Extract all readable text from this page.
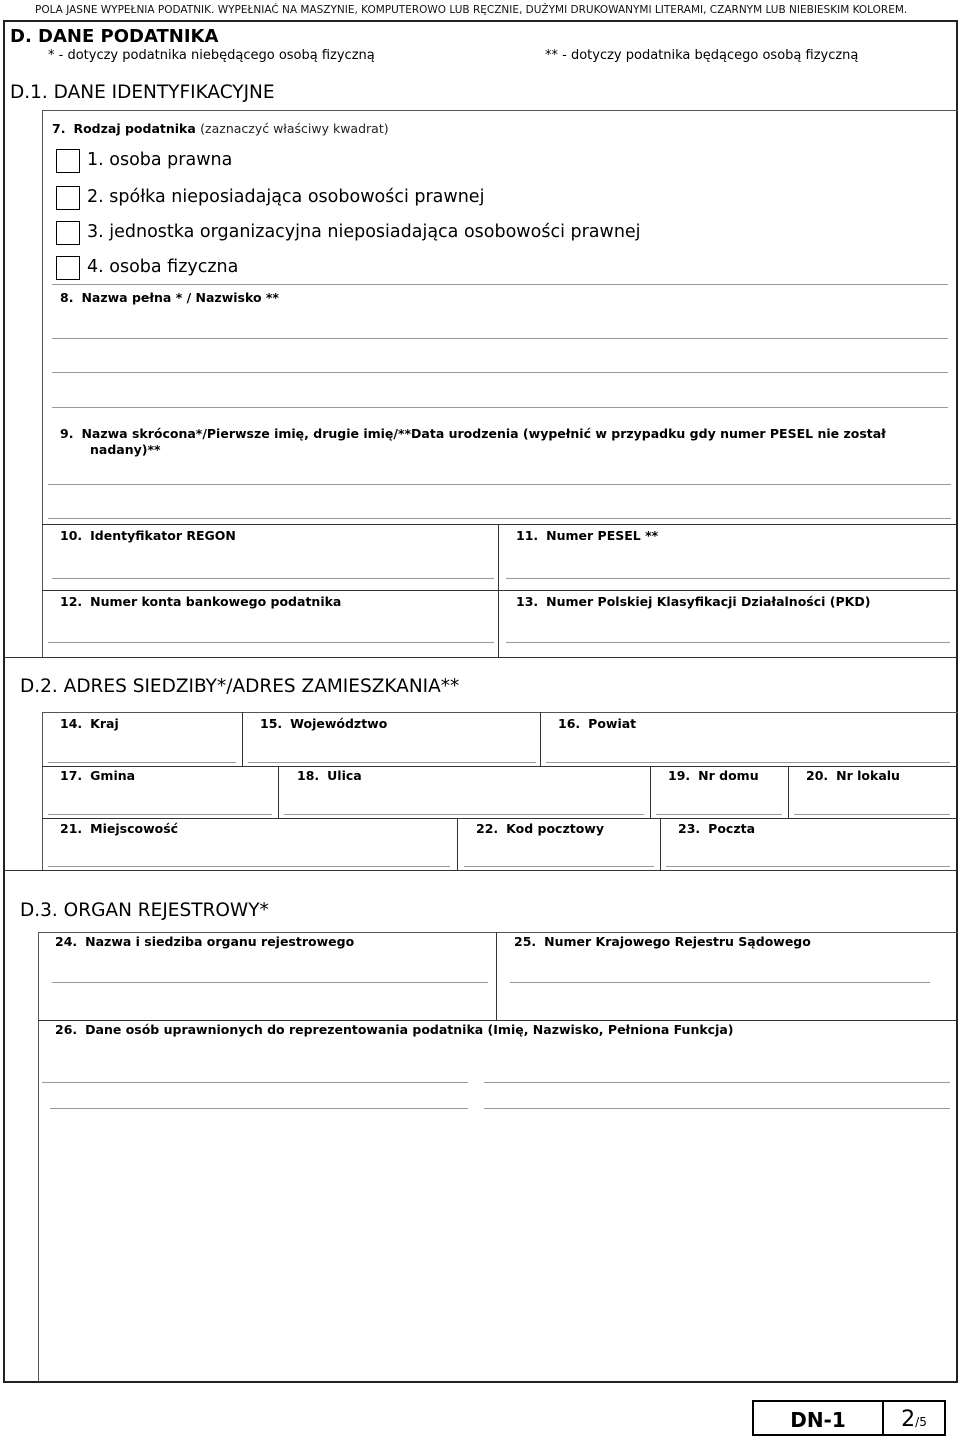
POLA JASNE WYPEŁNIA PODATNIK. WYPEŁNIAĆ NA MASZYNIE, KOMPUTEROWO LUB RĘCZNIE, DUŻYMI DRUKOWANYMI LITERAMI, CZARNYM LUB NIEBIESKIM KOLOREM.
D. DANE PODATNIKA
* - dotyczy podatnika niebędącego osobą fizyczną	** - dotyczy podatnika będącego osobą fizyczną
D.1. DANE IDENTYFIKACYJNE
7. Rodzaj podatnika (zaznaczyć właściwy kwadrat)
1. osoba prawna
2. spółka nieposiadająca osobowości prawnej
3. jednostka organizacyjna nieposiadająca osobowości prawnej
4. osoba fizyczna
8. Nazwa pełna * / Nazwisko **
9. Nazwa skrócona*/Pierwsze imię, drugie imię/**Data urodzenia (wypełnić w przypadku gdy numer PESEL nie został
nadany)**
10. Identyfikator REGON	11. Numer PESEL **
12. Numer konta bankowego podatnika	13. Numer Polskiej Klasyfikacji Działalności (PKD)
D.2. ADRES SIEDZIBY*/ADRES ZAMIESZKANIA**
14. Kraj	15. Województwo	16. Powiat
17. Gmina	18. Ulica	19. Nr domu	20. Nr lokalu
21. Miejscowość	22. Kod pocztowy	23. Poczta
D.3. ORGAN REJESTROWY*
24. Nazwa i siedziba organu rejestrowego	25. Numer Krajowego Rejestru Sądowego
26. Dane osób uprawnionych do reprezentowania podatnika (Imię, Nazwisko, Pełniona Funkcja)
DN-1	2/5
